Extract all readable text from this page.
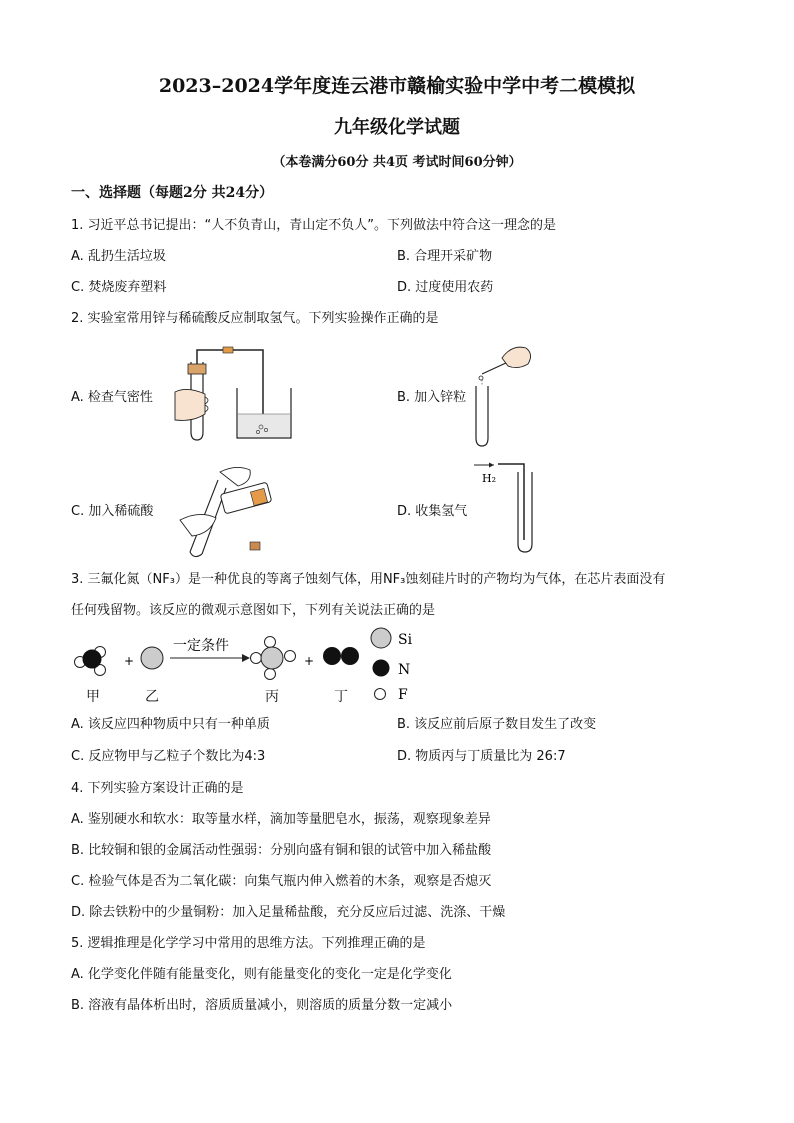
2023–2024学年度连云港市赣榆实验中学中考二模模拟
九年级化学试题
（本卷满分60分 共4页 考试时间60分钟）
一、选择题（每题2分 共24分）
1. 习近平总书记提出：“人不负青山，青山定不负人”。下列做法中符合这一理念的是
A. 乱扔生活垃圾	B. 合理开采矿物
C. 焚烧废弃塑料	D. 过度使用农药
2. 实验室常用锌与稀硫酸反应制取氢气。下列实验操作正确的是
A. 检查气密性	B. 加入锌粒
C. 加入稀硫酸	D. 收集氢气
H₂
3. 三氟化氮（NF₃）是一种优良的等离子蚀刻气体，用NF₃蚀刻硅片时的产物均为气体，在芯片表面没有
任何残留物。该反应的微观示意图如下，下列有关说法正确的是
+
一定条件
+
Si
N
F
甲	乙	丙	丁
A. 该反应四种物质中只有一种单质	B. 该反应前后原子数目发生了改变
C. 反应物甲与乙粒子个数比为4:3	D. 物质丙与丁质量比为 26:7
4. 下列实验方案设计正确的是
A. 鉴别硬水和软水：取等量水样，滴加等量肥皂水，振荡，观察现象差异
B. 比较铜和银的金属活动性强弱：分别向盛有铜和银的试管中加入稀盐酸
C. 检验气体是否为二氧化碳：向集气瓶内伸入燃着的木条，观察是否熄灭
D. 除去铁粉中的少量铜粉：加入足量稀盐酸，充分反应后过滤、洗涤、干燥
5. 逻辑推理是化学学习中常用的思维方法。下列推理正确的是
A. 化学变化伴随有能量变化，则有能量变化的变化一定是化学变化
B. 溶液有晶体析出时，溶质质量减小，则溶质的质量分数一定减小
